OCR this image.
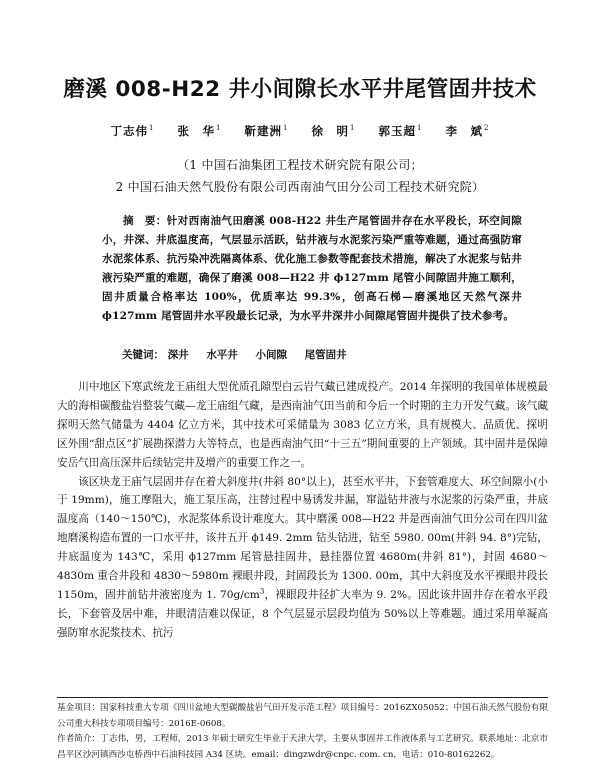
磨溪 008-H22 井小间隙长水平井尾管固井技术
丁志伟$^1$ 张　华$^1$ 靳建洲$^1$ 徐　明$^1$ 郭玉超$^1$ 李　斌$^2$
（1 中国石油集团工程技术研究院有限公司；
2 中国石油天然气股份有限公司西南油气田分公司工程技术研究院）
摘　要：针对西南油气田磨溪 008-H22 井生产尾管固井存在水平段长，环空间隙小，井深、井底温度高，气层显示活跃，钻井液与水泥浆污染严重等难题，通过高强防窜水泥浆体系、抗污染冲洗隔离体系、优化施工参数等配套技术措施，解决了水泥浆与钻井液污染严重的难题，确保了磨溪 008—H22 井 ϕ127mm 尾管小间隙固井施工顺利，固井质量合格率达 100%，优质率达 99.3%，创高石梯—磨溪地区天然气深井 ϕ127mm 尾管固井水平段最长记录，为水平井深井小间隙尾管固井提供了技术参考。
关键词： 深井 水平井 小间隙 尾管固井

川中地区下寒武统龙王庙组大型优质孔隙型白云岩气藏已建成投产。2014 年探明的我国单体规模最大的海相碳酸盐岩整装气藏—龙王庙组气藏，是西南油气田当前和今后一个时期的主力开发气藏。该气藏探明天然气储量为 4404 亿立方米，其中技术可采储量为 3083 亿立方米，具有规模大、品质优、探明区外围“甜点区”扩展勘探潜力大等特点，也是西南油气田“十三五”期间重要的上产领域。其中固井是保障安岳气田高压深井后续钻完井及增产的重要工作之一。

该区块龙王庙气层固井存在着大斜度井(井斜 80°以上)，甚至水平井，下套管难度大、环空间隙小(小于 19mm)，施工摩阻大，施工泵压高，注替过程中易诱发井漏，窜溢钻井液与水泥浆的污染严重，井底温度高（140～150℃)，水泥浆体系设计难度大。其中磨溪 008—H22 井是西南油气田分公司在四川盆地磨溪构造布置的一口水平井，该井五开 ϕ149. 2mm 钻头钻进，钻至 5980. 00m(井斜 94. 8°)完钻，井底温度为 143℃，采用 ϕ127mm 尾管悬挂固井，悬挂器位置 4680m(井斜 81°)，封固 4680～4830m 重合井段和 4830～5980m 裸眼井段，封固段长为 1300. 00m，其中大斜度及水平裸眼井段长 1150m，固井前钻井液密度为 1. $70g/cm^3$，裸眼段井径扩大率为 9. 2%。因此该井固井存在着水平段长，下套管及居中难，井眼清洁难以保证，8 个气层显示层段均值为 50%以上等难题。通过采用单凝高强防窜水泥浆技术、抗污

基金项目：国家科技重大专项《四川盆地大型碳酸盐岩气田开发示范工程》项目编号：2016ZX05052；中国石油天然气股份有限公司重大科技专项项目编号：2016E-0608。

作者简介：丁志伟，男，工程师，2013 年硕士研究生毕业于天津大学，主要从事固井工作液体系与工艺研究。联系地址：北京市昌平区沙河镇西沙屯桥西中石油科技园 A34 区块。email：dingzwdr@cnpc. com. cn，电话：010-80162262。
